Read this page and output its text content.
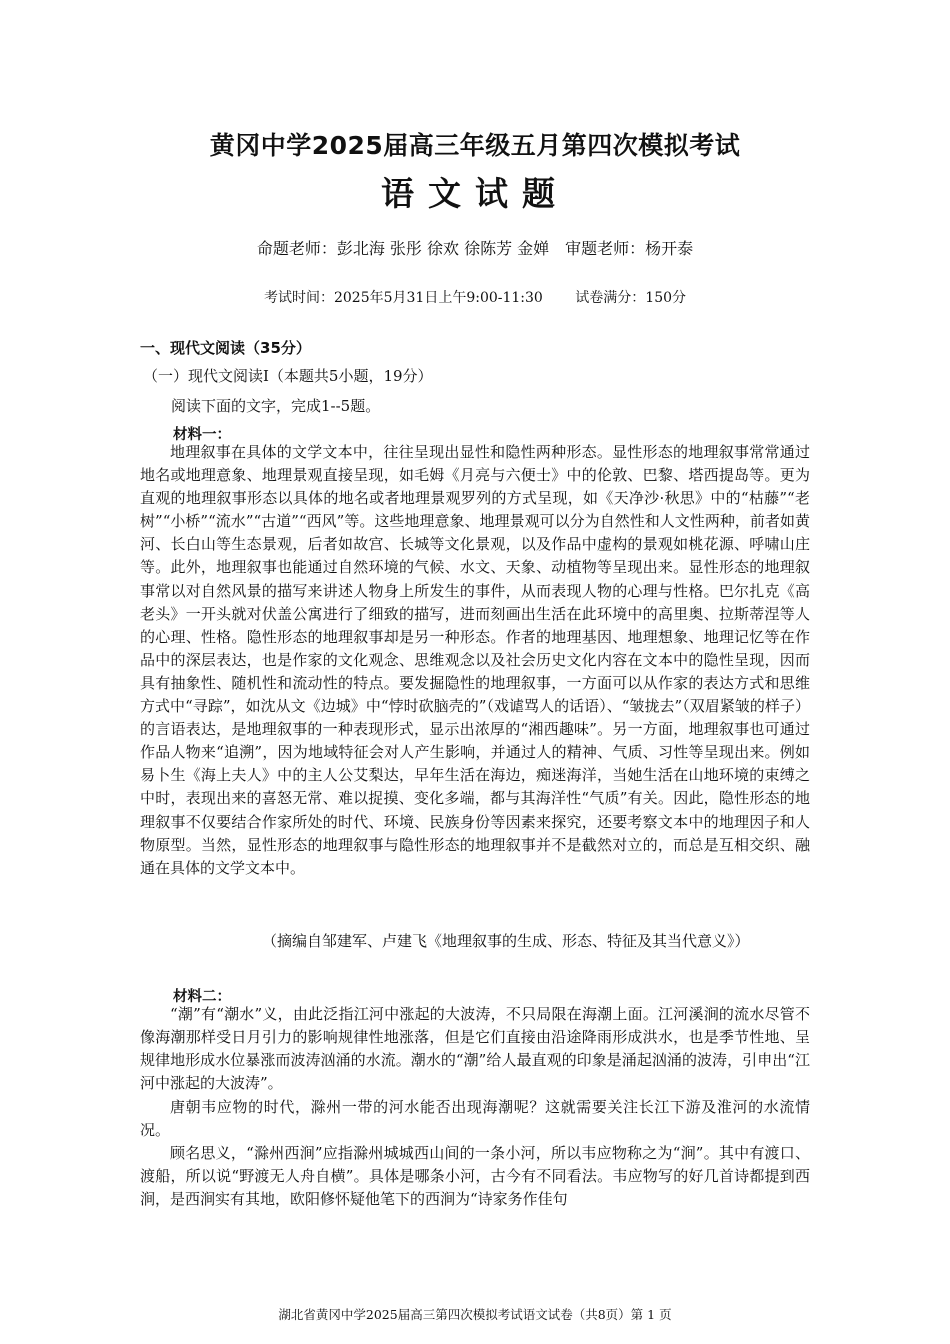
黄冈中学2025届高三年级五月第四次模拟考试
语文试题
命题老师：彭北海 张彤 徐欢 徐陈芳 金婵　审题老师：杨开泰
考试时间：2025年5月31日上午9:00-11:30 试卷满分：150分
一、现代文阅读（35分）
（一）现代文阅读Ⅰ（本题共5小题，19分）
阅读下面的文字，完成1--5题。
材料一：

地理叙事在具体的文学文本中，往往呈现出显性和隐性两种形态。显性形态的地理叙事常常通过地名或地理意象、地理景观直接呈现，如毛姆《月亮与六便士》中的伦敦、巴黎、塔西提岛等。更为直观的地理叙事形态以具体的地名或者地理景观罗列的方式呈现，如《天净沙·秋思》中的“枯藤”“老树”“小桥”“流水”“古道”“西风”等。这些地理意象、地理景观可以分为自然性和人文性两种，前者如黄河、长白山等生态景观，后者如故宫、长城等文化景观，以及作品中虚构的景观如桃花源、呼啸山庄等。此外，地理叙事也能通过自然环境的气候、水文、天象、动植物等呈现出来。显性形态的地理叙事常以对自然风景的描写来讲述人物身上所发生的事件，从而表现人物的心理与性格。巴尔扎克《高老头》一开头就对伏盖公寓进行了细致的描写，进而刻画出生活在此环境中的高里奥、拉斯蒂涅等人的心理、性格。隐性形态的地理叙事却是另一种形态。作者的地理基因、地理想象、地理记忆等在作品中的深层表达，也是作家的文化观念、思维观念以及社会历史文化内容在文本中的隐性呈现，因而具有抽象性、随机性和流动性的特点。要发掘隐性的地理叙事，一方面可以从作家的表达方式和思维方式中“寻踪”，如沈从文《边城》中“悖时砍脑壳的”（戏谑骂人的话语）、“皱拢去”（双眉紧皱的样子）的言语表达，是地理叙事的一种表现形式，显示出浓厚的“湘西趣味”。另一方面，地理叙事也可通过作品人物来“追溯”，因为地域特征会对人产生影响，并通过人的精神、气质、习性等呈现出来。例如易卜生《海上夫人》中的主人公艾梨达，早年生活在海边，痴迷海洋，当她生活在山地环境的束缚之中时，表现出来的喜怒无常、难以捉摸、变化多端，都与其海洋性“气质”有关。因此，隐性形态的地理叙事不仅要结合作家所处的时代、环境、民族身份等因素来探究，还要考察文本中的地理因子和人物原型。当然，显性形态的地理叙事与隐性形态的地理叙事并不是截然对立的，而总是互相交织、融通在具体的文学文本中。

（摘编自邹建军、卢建飞《地理叙事的生成、形态、特征及其当代意义》）
材料二：

“潮”有“潮水”义，由此泛指江河中涨起的大波涛，不只局限在海潮上面。江河溪涧的流水尽管不像海潮那样受日月引力的影响规律性地涨落，但是它们直接由沿途降雨形成洪水，也是季节性地、呈规律地形成水位暴涨而波涛汹涌的水流。潮水的“潮”给人最直观的印象是涌起汹涌的波涛，引申出“江河中涨起的大波涛”。

唐朝韦应物的时代，滁州一带的河水能否出现海潮呢？这就需要关注长江下游及淮河的水流情况。

顾名思义，“滁州西涧”应指滁州城城西山间的一条小河，所以韦应物称之为“涧”。其中有渡口、渡船，所以说“野渡无人舟自横”。具体是哪条小河，古今有不同看法。韦应物写的好几首诗都提到西涧，是西涧实有其地，欧阳修怀疑他笔下的西涧为“诗家务作佳句

湖北省黄冈中学2025届高三第四次模拟考试语文试卷（共8页）第 1 页
